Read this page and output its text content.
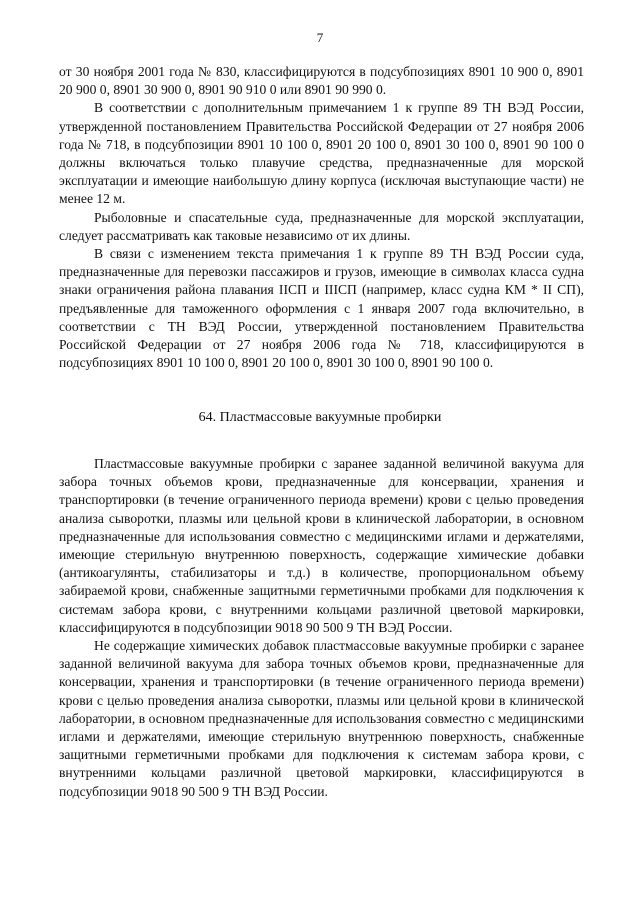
7

от 30 ноября 2001 года № 830, классифицируются в подсубпозициях 8901 10 900 0, 8901 20 900 0, 8901 30 900 0, 8901 90 910 0 или 8901 90 990 0.

В соответствии с дополнительным примечанием 1 к группе 89 ТН ВЭД России, утвержденной постановлением Правительства Российской Федерации от 27 ноября 2006 года № 718, в подсубпозиции 8901 10 100 0, 8901 20 100 0, 8901 30 100 0, 8901 90 100 0 должны включаться только плавучие средства, предназначенные для морской эксплуатации и имеющие наибольшую длину корпуса (исключая выступающие части) не менее 12 м.

Рыболовные и спасательные суда, предназначенные для морской эксплуатации, следует рассматривать как таковые независимо от их длины.

В связи с изменением текста примечания 1 к группе 89 ТН ВЭД России суда, предназначенные для перевозки пассажиров и грузов, имеющие в символах класса судна знаки ограничения района плавания IIСП и IIIСП (например, класс судна КМ * II СП), предъявленные для таможенного оформления с 1 января 2007 года включительно, в соответствии с ТН ВЭД России, утвержденной постановлением Правительства Российской Федерации от 27 ноября 2006 года № 718, классифицируются в подсубпозициях 8901 10 100 0, 8901 20 100 0, 8901 30 100 0, 8901 90 100 0.

64. Пластмассовые вакуумные пробирки

Пластмассовые вакуумные пробирки с заранее заданной величиной вакуума для забора точных объемов крови, предназначенные для консервации, хранения и транспортировки (в течение ограниченного периода времени) крови с целью проведения анализа сыворотки, плазмы или цельной крови в клинической лаборатории, в основном предназначенные для использования совместно с медицинскими иглами и держателями, имеющие стерильную внутреннюю поверхность, содержащие химические добавки (антикоагулянты, стабилизаторы и т.д.) в количестве, пропорциональном объему забираемой крови, снабженные защитными герметичными пробками для подключения к системам забора крови, с внутренними кольцами различной цветовой маркировки, классифицируются в подсубпозиции 9018 90 500 9 ТН ВЭД России.

Не содержащие химических добавок пластмассовые вакуумные пробирки с заранее заданной величиной вакуума для забора точных объемов крови, предназначенные для консервации, хранения и транспортировки (в течение ограниченного периода времени) крови с целью проведения анализа сыворотки, плазмы или цельной крови в клинической лаборатории, в основном предназначенные для использования совместно с медицинскими иглами и держателями, имеющие стерильную внутреннюю поверхность, снабженные защитными герметичными пробками для подключения к системам забора крови, с внутренними кольцами различной цветовой маркировки, классифицируются в подсубпозиции 9018 90 500 9 ТН ВЭД России.
